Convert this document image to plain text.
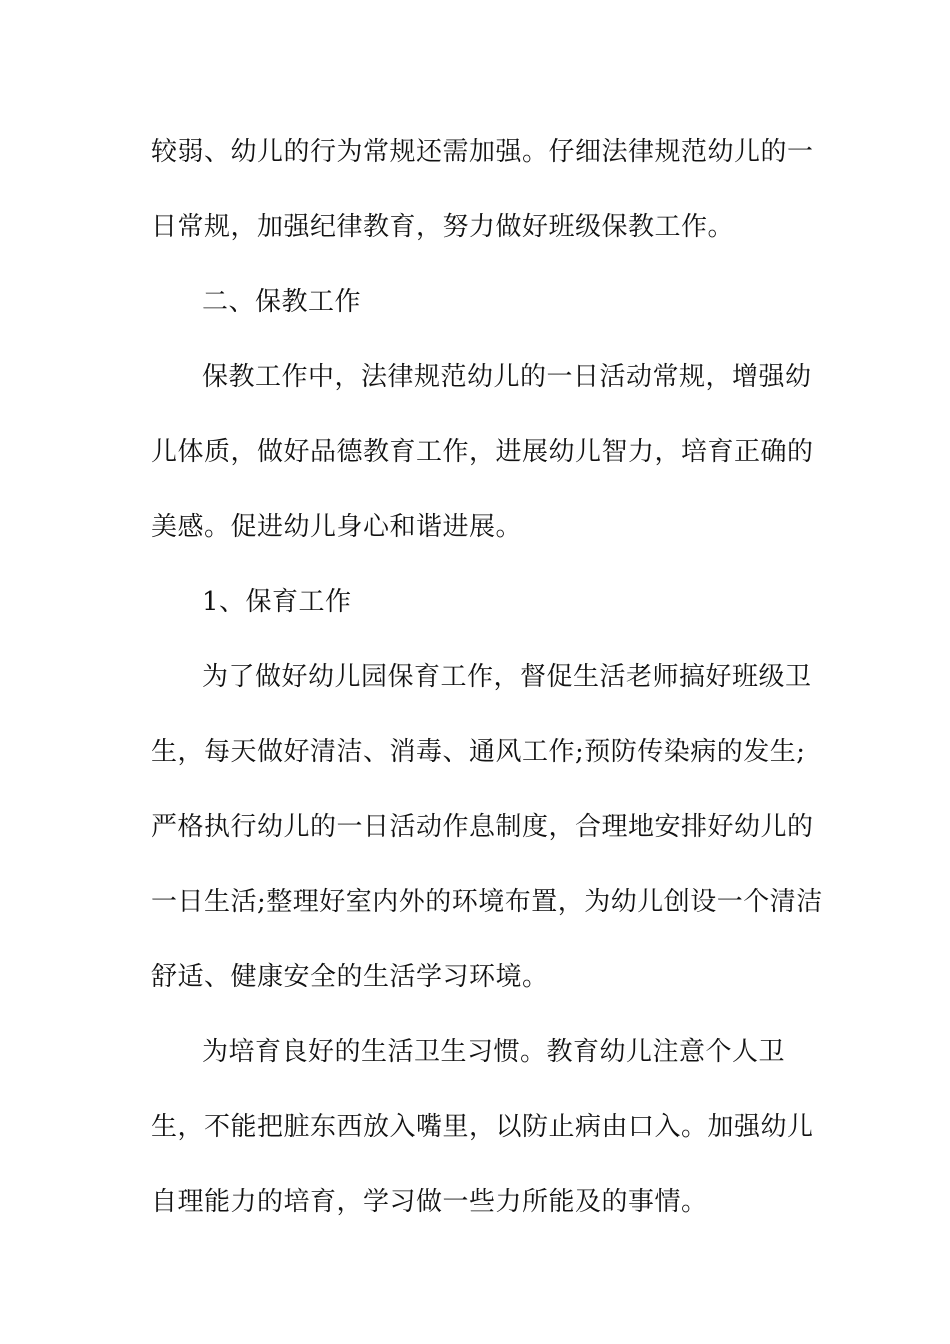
较弱、幼儿的行为常规还需加强。仔细法律规范幼儿的一
日常规，加强纪律教育，努力做好班级保教工作。
二、保教工作
保教工作中，法律规范幼儿的一日活动常规，增强幼
儿体质，做好品德教育工作，进展幼儿智力，培育正确的
美感。促进幼儿身心和谐进展。
1、保育工作
为了做好幼儿园保育工作，督促生活老师搞好班级卫
生，每天做好清洁、消毒、通风工作;预防传染病的发生;
严格执行幼儿的一日活动作息制度，合理地安排好幼儿的
一日生活;整理好室内外的环境布置，为幼儿创设一个清洁
舒适、健康安全的生活学习环境。
为培育良好的生活卫生习惯。教育幼儿注意个人卫
生，不能把脏东西放入嘴里，以防止病由口入。加强幼儿
自理能力的培育，学习做一些力所能及的事情。
